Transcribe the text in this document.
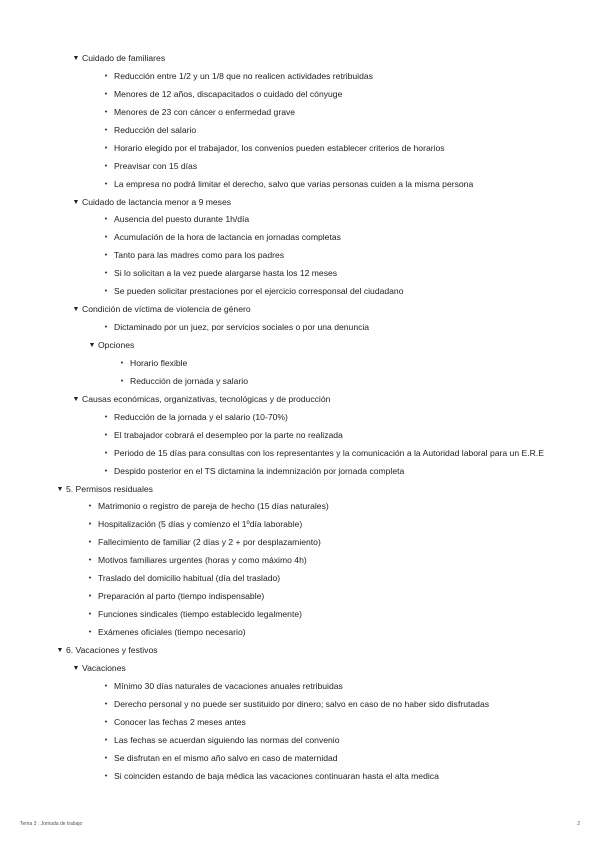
▼ Cuidado de familiares
• Reducción entre 1/2 y un 1/8 que no realicen actividades retribuidas
• Menores de 12 años, discapacitados o cuidado del cónyuge
• Menores de 23 con cáncer o enfermedad grave
• Reducción del salario
• Horario elegido por el trabajador, los convenios pueden establecer criterios de horarios
• Preavisar con 15 días
• La empresa no podrá limitar el derecho, salvo que varias personas cuiden a la misma persona
▼ Cuidado de lactancia menor a 9 meses
• Ausencia del puesto durante 1h/día
• Acumulación de la hora de lactancia en jornadas completas
• Tanto para las madres como para los padres
• Si lo solicitan a la vez puede alargarse hasta los 12 meses
• Se pueden solicitar prestaciones por el ejercicio corresponsal del ciudadano
▼ Condición de víctima de violencia de género
• Dictaminado por un juez, por servicios sociales o por una denuncia
▼ Opciones
• Horario flexible
• Reducción de jornada y salario
▼ Causas económicas, organizativas, tecnológicas y de producción
• Reducción de la jornada y el salario (10-70%)
• El trabajador cobrará el desempleo por la parte no realizada
• Periodo de 15 días para consultas con los representantes y la comunicación a la Autoridad laboral para un E.R.E
• Despido posterior en el TS dictamina la indemnización por jornada completa
▼ 5. Permisos residuales
• Matrimonio o registro de pareja de hecho (15 días naturales)
• Hospitalización (5 días y comienzo el 1ºdía laborable)
• Fallecimiento de familiar (2 días y 2 + por desplazamiento)
• Motivos familiares urgentes (horas y como máximo 4h)
• Traslado del domicilio habitual (día del traslado)
• Preparación al parto (tiempo indispensable)
• Funciones sindicales (tiempo establecido legalmente)
• Exámenes oficiales (tiempo necesario)
▼ 6. Vacaciones y festivos
▼ Vacaciones
• Mínimo 30 días naturales de vacaciones anuales retribuidas
• Derecho personal y no puede ser sustituido por dinero; salvo en caso de no haber sido disfrutadas
• Conocer las fechas 2 meses antes
• Las fechas se acuerdan siguiendo las normas del convenio
• Se disfrutan en el mismo año salvo en caso de maternidad
• Si coinciden estando de baja médica las vacaciones continuaran hasta el alta medica
Tema 3 : Jornada de trabajo	2
